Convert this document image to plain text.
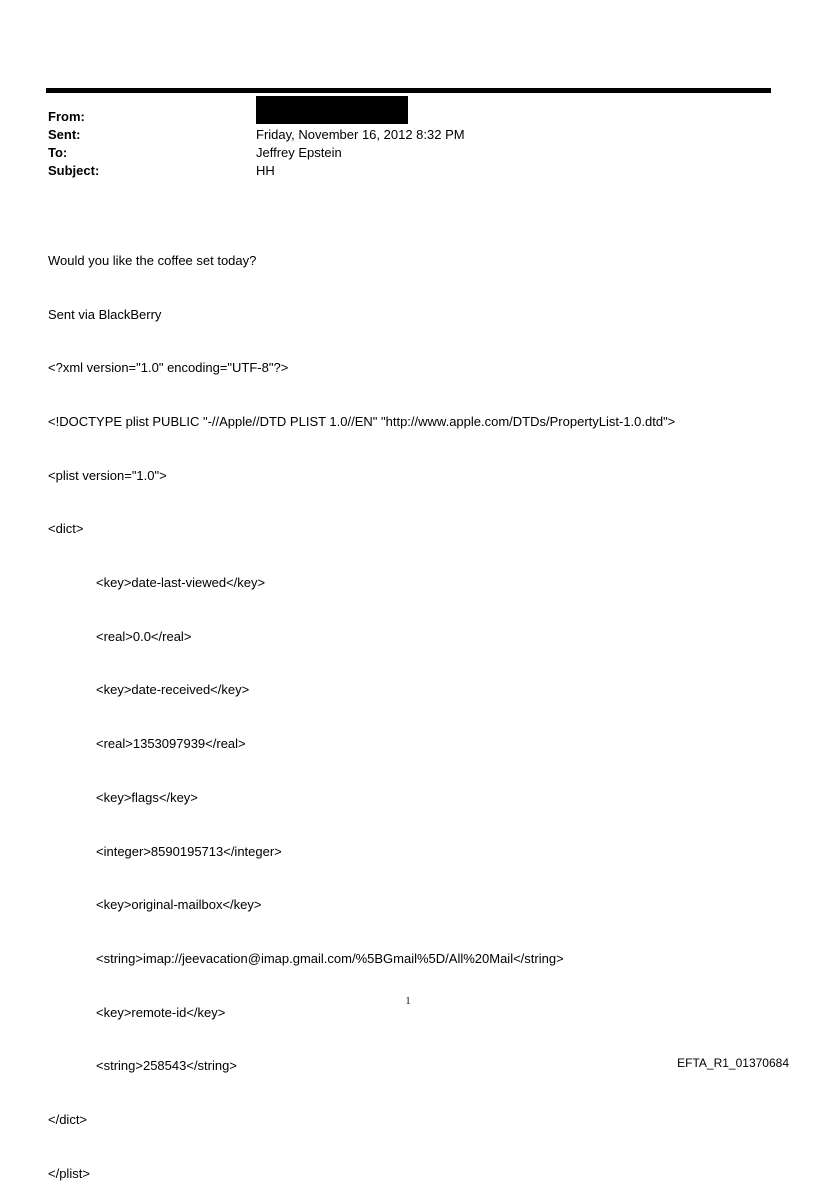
From:
Sent:	Friday, November 16, 2012 8:32 PM
To:	Jeffrey Epstein
Subject:	HH

Would you like the coffee set today?

Sent via BlackBerry

<?xml version="1.0" encoding="UTF-8"?>

<!DOCTYPE plist PUBLIC "-//Apple//DTD PLIST 1.0//EN" "http://www.apple.com/DTDs/PropertyList-1.0.dtd">

<plist version="1.0">

<dict>

<key>date-last-viewed</key>

<real>0.0</real>

<key>date-received</key>

<real>1353097939</real>

<key>flags</key>

<integer>8590195713</integer>

<key>original-mailbox</key>

<string>imap://jeevacation@imap.gmail.com/%5BGmail%5D/All%20Mail</string>

<key>remote-id</key>

<string>258543</string>

</dict>

</plist>

1
EFTA_R1_01370684
